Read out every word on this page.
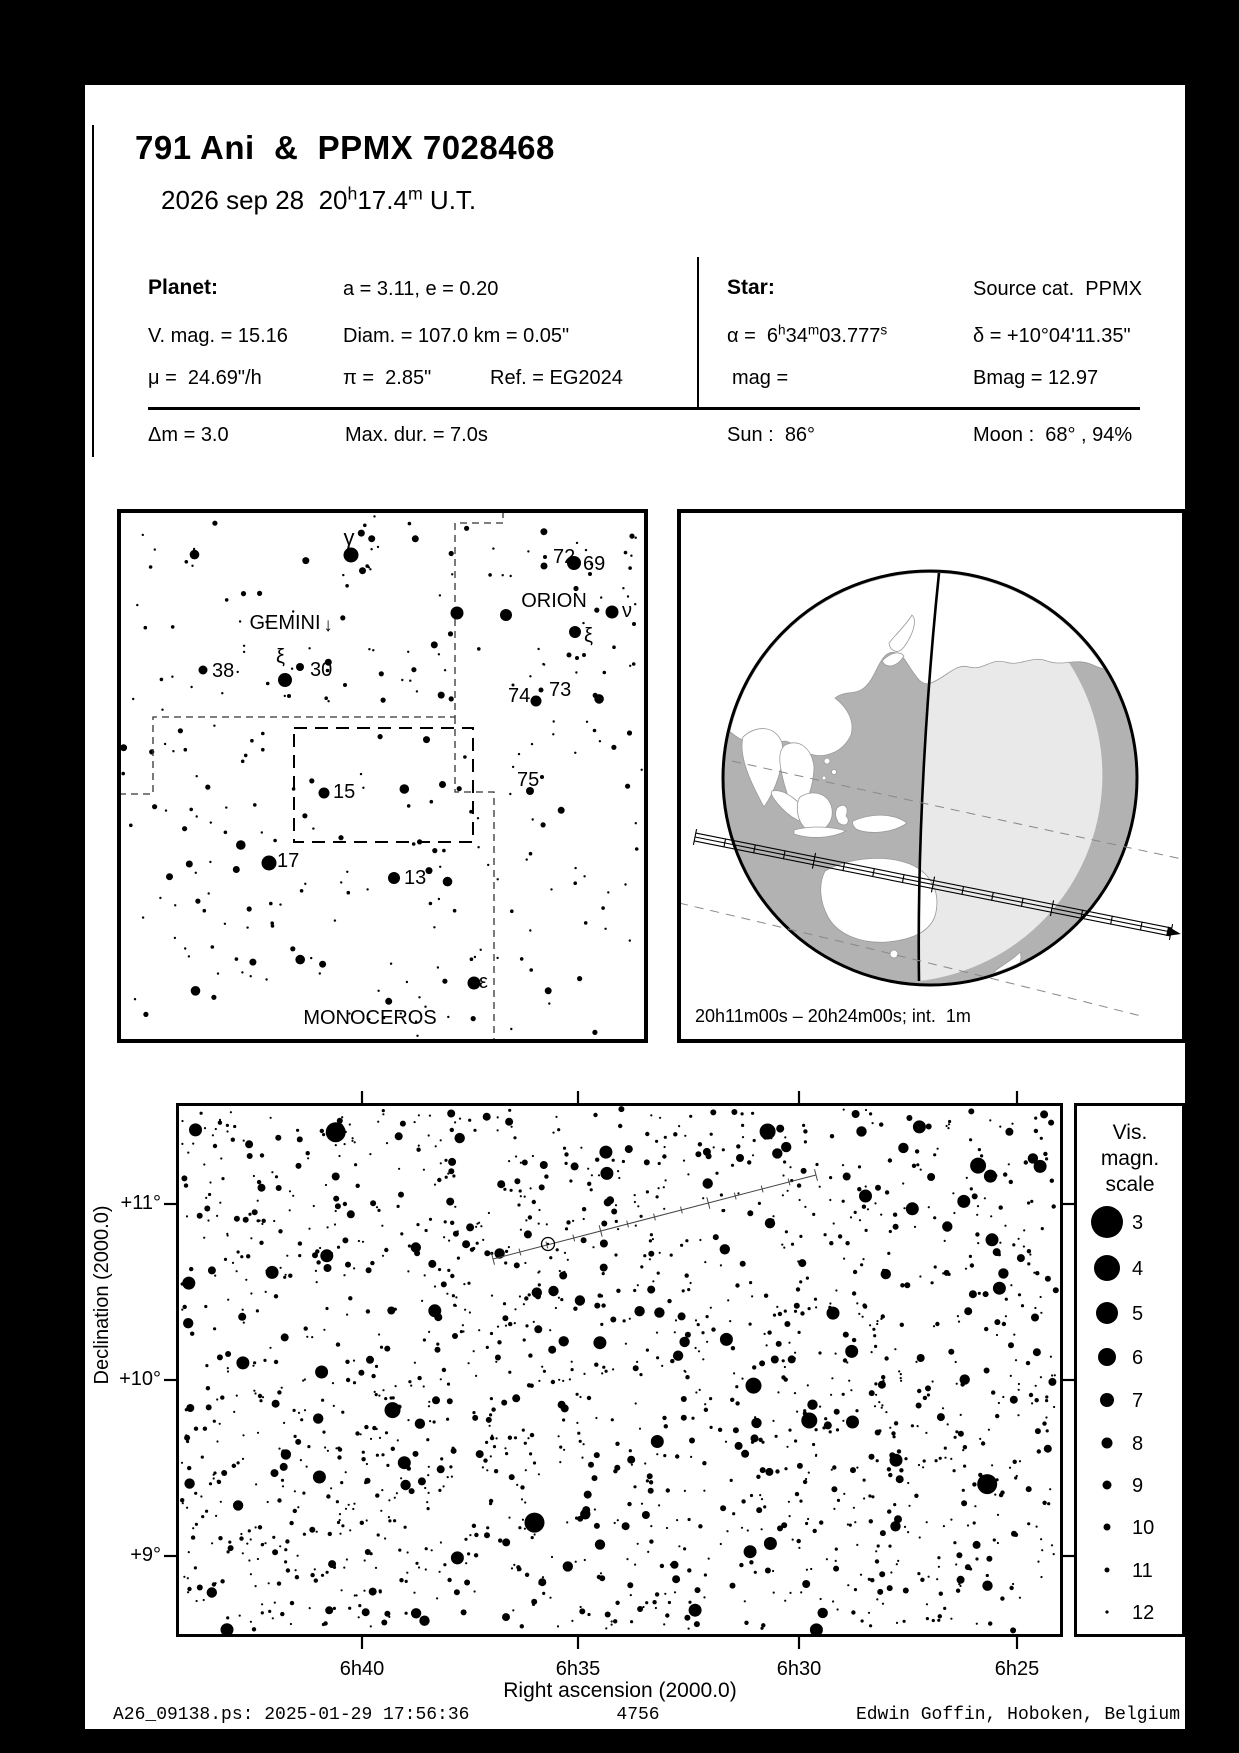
791 Ani  &  PPMX 7028468
2026 sep 28  20$^h$17.4$^m$ U.T.
Planet:	a = 3.11, e = 0.20	Star:	Source cat.  PPMX
V. mag. = 15.16	Diam. = 107.0 km = 0.05"	α =  6$^h$34$^m$03.777$^s$	δ = +10°04'11.35"
μ =  24.69"/h	π =  2.85"	Ref. = EG2024	mag =	Bmag = 12.97
Δm = 3.0	Max. dur. = 7.0s	Sun :  86°	Moon :  68° , 94%
γ
GEMINI ↓
38
ξ
30
72 69
ORION ν
ξ
74 73
75
15
17
13
ε
MONOCEROS	20h11m00s – 20h24m00s; int.  1m
Vis.
magn.
scale
3
4
5
6
7
8
9
10
11
12
6h40	6h35	6h30	6h25
+11°
+10°
+9°
Right ascension (2000.0)
Declination (2000.0)
A26_09138.ps: 2025-01-29 17:56:36	4756	Edwin Goffin, Hoboken, Belgium
